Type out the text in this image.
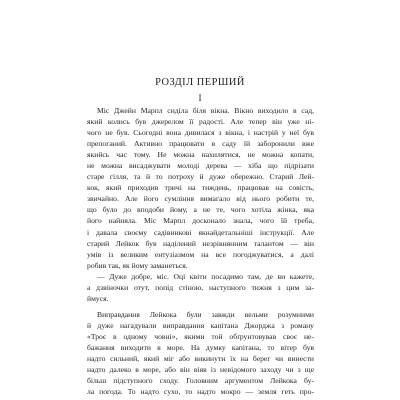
РОЗДІЛ ПЕРШИЙ
I
Міс Джейн Марпл сиділа біля вікна. Вікно виходило в сад,
який колись був джерелом її радості. Але тепер він уже ні-
чого не був. Сьогодні вона дивилася з вікна, і настрій у неї був
препоганий. Активно працювати в саду їй заборонили вже
якийсь час тому. Не можна нахилятися, не можна копати,
не можна висаджувати молоді дерева — хіба що підрізати
старе гілля, та й то потроху й дуже обережно. Старий Лей-
кок, який приходив тричі на тиждень, працював на совість,
звичайно. Але його сумління вимагало від нього робити те,
що було до вподоби йому, а не те, чого хотіла жінка, яка
його найняла. Міс Марпл досконало знала, чого їй треба,
і давала своєму садівникові якнайдетальніші інструкції. Але
старий Лейкок був наділений незрівнянним талантом — він
умів із великим ентузіазмом на все погоджуватися, а далі
робив так, як йому заманеться.
— Дуже добре, міс. Оці квіти посадимо там, де ви кажете,
а дзвіночки отут, попід стіною, наступного тижня з цим за-
ймуся.
Виправдання Лейкока були завжди вельми розумними
й дуже нагадували виправдання капітана Джорджа з роману
«Троє в одному човні», якими той обґрунтовував своє не-
бажання виходити в море. На думку капітана, то вітер був
надто сильний, який міг або викинути їх на берег чи винести
надто далеко в море, або він віяв із невідомого заходу чи з ще
більш підступного сходу. Головним аргументом Лейкока бу-
ла погода. То надто сухо, то надто мокро — земля геть про-
